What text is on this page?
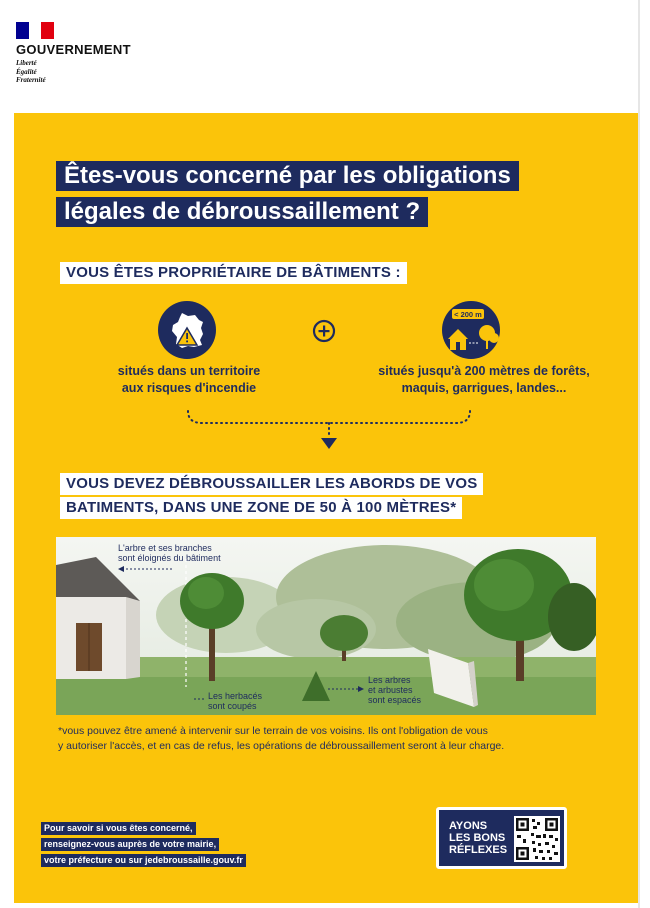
GOUVERNEMENT
Liberté
Égalité
Fraternité
Êtes-vous concerné par les obligations
légales de débroussaillement ?
VOUS ÊTES PROPRIÉTAIRE DE BÂTIMENTS :
< 200 m
situés dans un territoire
aux risques d'incendie
situés jusqu'à 200 mètres de forêts,
maquis, garrigues, landes...
VOUS DEVEZ DÉBROUSSAILLER LES ABORDS DE VOS
BATIMENTS, DANS UNE ZONE DE 50 À 100 MÈTRES*
L'arbre et ses branches
sont éloignés du bâtiment
Les herbacés
sont coupés
Les arbres
et arbustes
sont espacés
*vous pouvez être amené à intervenir sur le terrain de vos voisins. Ils ont l'obligation de vous
y autoriser l'accès, et en cas de refus, les opérations de débroussaillement seront à leur charge.
Pour savoir si vous êtes concerné,
renseignez-vous auprès de votre mairie,
votre préfecture ou sur jedebroussaille.gouv.fr
AYONS
LES BONS
RÉFLEXES
